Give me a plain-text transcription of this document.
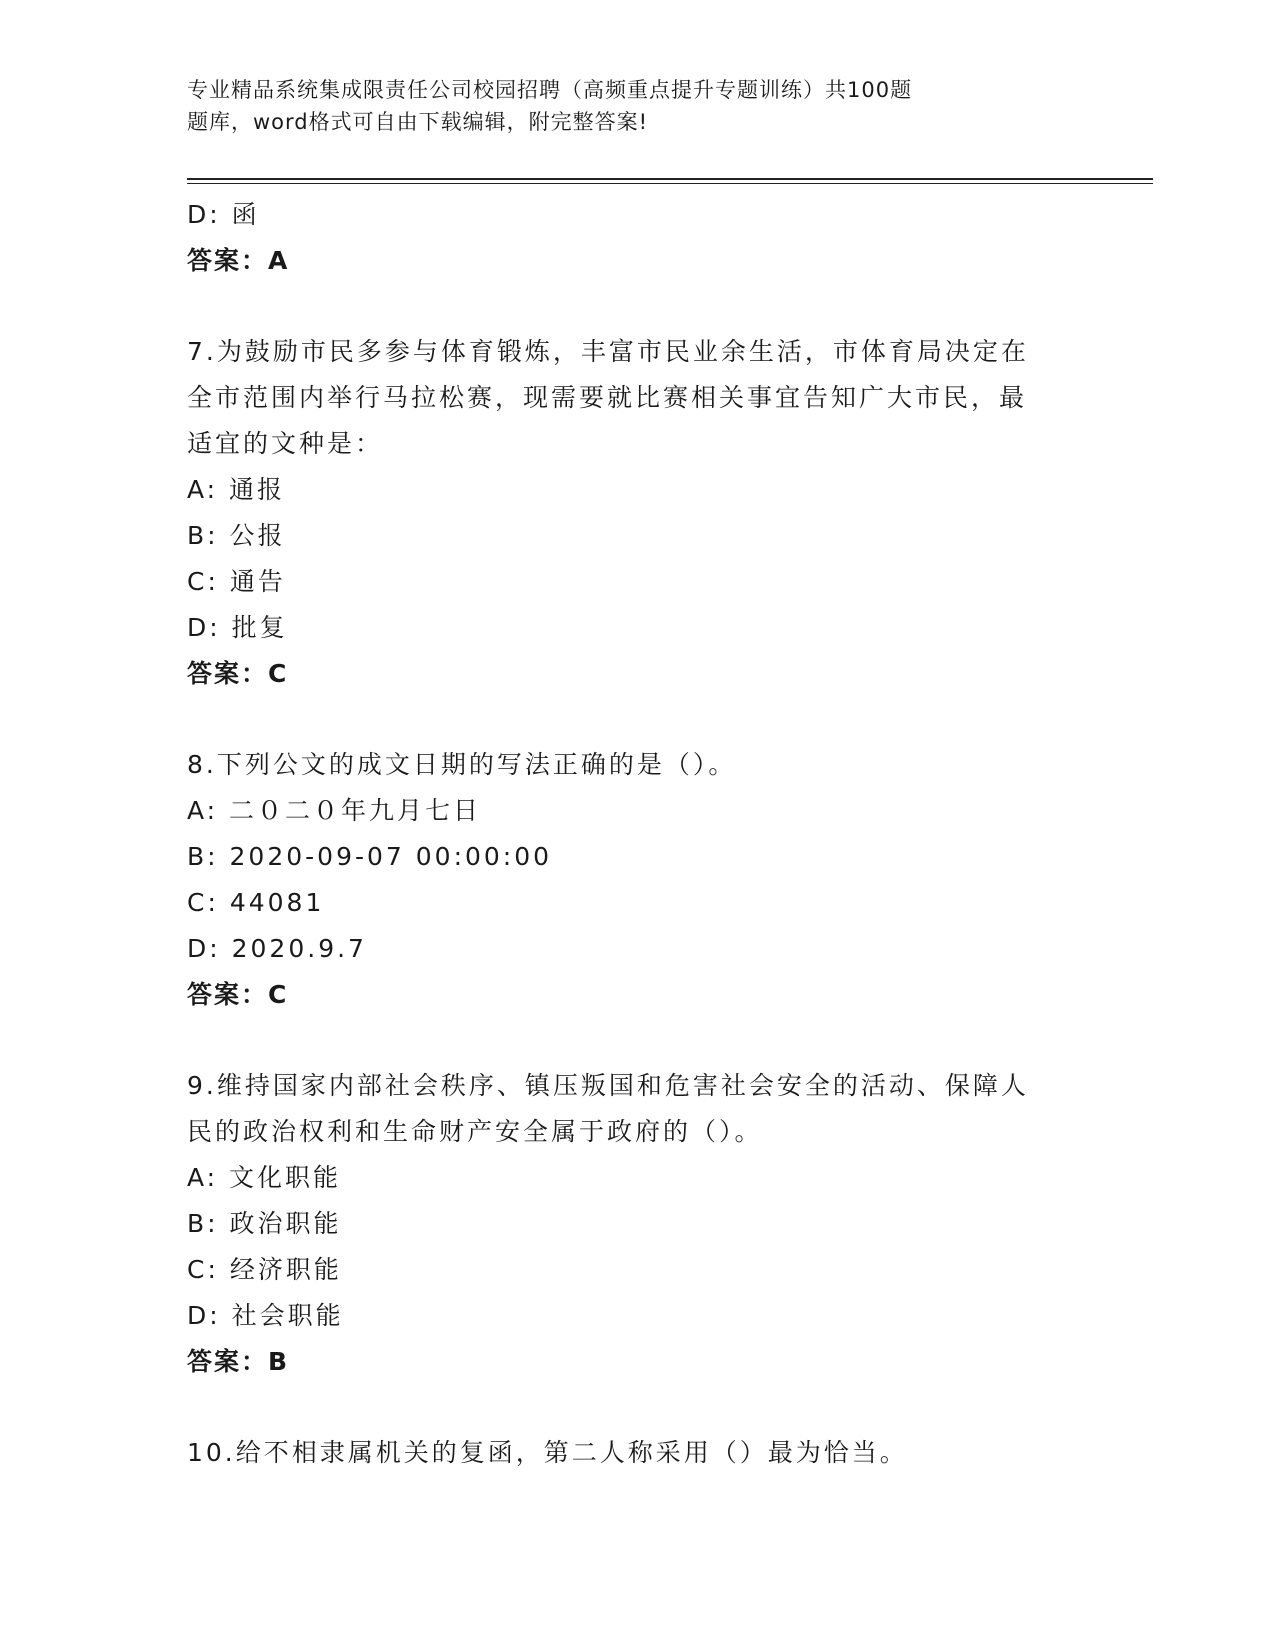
专业精品系统集成限责任公司校园招聘（高频重点提升专题训练）共100题
题库，word格式可自由下载编辑，附完整答案!
D: 函
答案：A
7.为鼓励市民多参与体育锻炼，丰富市民业余生活，市体育局决定在
全市范围内举行马拉松赛，现需要就比赛相关事宜告知广大市民，最
适宜的文种是：
A: 通报
B: 公报
C: 通告
D: 批复
答案：C
8.下列公文的成文日期的写法正确的是（）。
A: 二０二０年九月七日
B: 2020-09-07 00:00:00
C: 44081
D: 2020.9.7
答案：C
9.维持国家内部社会秩序、镇压叛国和危害社会安全的活动、保障人
民的政治权利和生命财产安全属于政府的（）。
A: 文化职能
B: 政治职能
C: 经济职能
D: 社会职能
答案：B
10.给不相隶属机关的复函，第二人称采用（）最为恰当。
